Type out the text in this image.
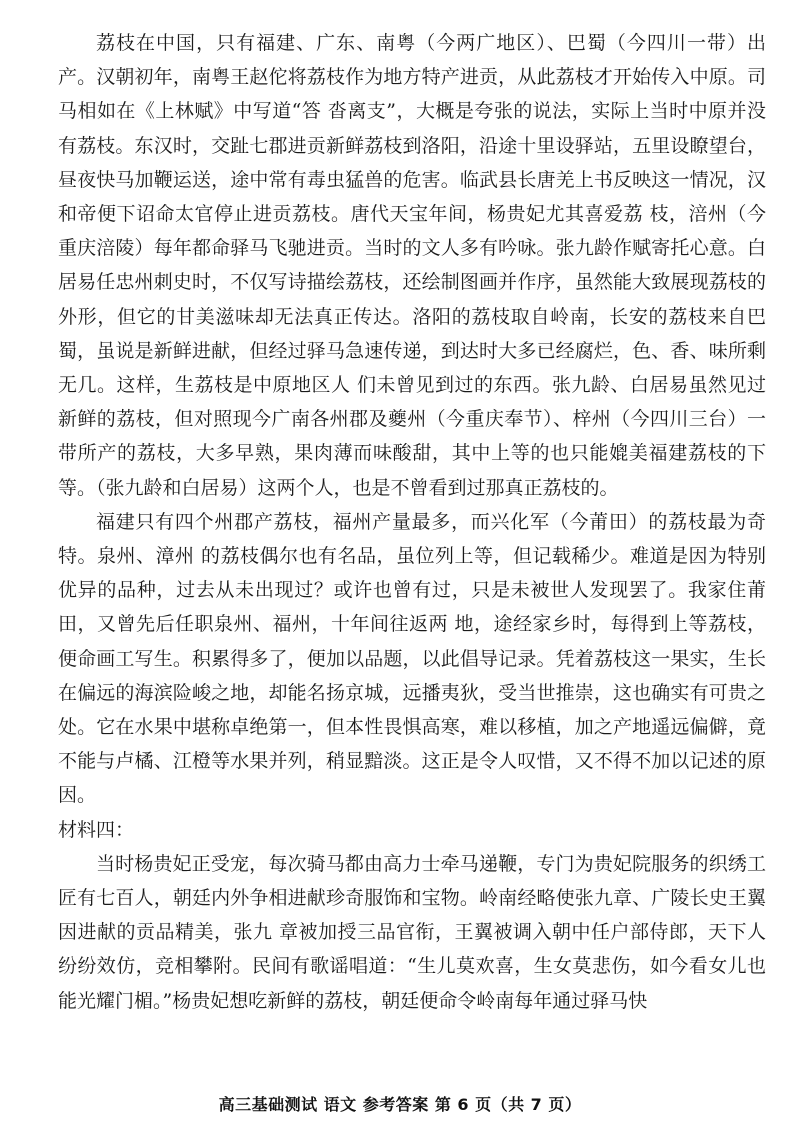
荔枝在中国，只有福建、广东、南粤（今两广地区）、巴蜀（今四川一带）出产。汉朝初年，南粤王赵佗将荔枝作为地方特产进贡，从此荔枝才开始传入中原。司马相如在《上林赋》中写道“答 沓离支”，大概是夸张的说法，实际上当时中原并没有荔枝。东汉时，交趾七郡进贡新鲜荔枝到洛阳，沿途十里设驿站，五里设瞭望台，昼夜快马加鞭运送，途中常有毒虫猛兽的危害。临武县长唐羌上书反映这一情况，汉和帝便下诏命太官停止进贡荔枝。唐代天宝年间，杨贵妃尤其喜爱荔 枝，涪州（今重庆涪陵）每年都命驿马飞驰进贡。当时的文人多有吟咏。张九龄作赋寄托心意。白居易任忠州刺史时，不仅写诗描绘荔枝，还绘制图画并作序，虽然能大致展现荔枝的外形，但它的甘美滋味却无法真正传达。洛阳的荔枝取自岭南，长安的荔枝来自巴蜀，虽说是新鲜进献，但经过驿马急速传递，到达时大多已经腐烂，色、香、味所剩无几。这样，生荔枝是中原地区人 们未曾见到过的东西。张九龄、白居易虽然见过新鲜的荔枝，但对照现今广南各州郡及夔州（今重庆奉节）、梓州（今四川三台）一带所产的荔枝，大多早熟，果肉薄而味酸甜，其中上等的也只能媲美福建荔枝的下等。（张九龄和白居易）这两个人，也是不曾看到过那真正荔枝的。

福建只有四个州郡产荔枝，福州产量最多，而兴化军（今莆田）的荔枝最为奇特。泉州、漳州 的荔枝偶尔也有名品，虽位列上等，但记载稀少。难道是因为特别优异的品种，过去从未出现过？或许也曾有过，只是未被世人发现罢了。我家住莆田，又曾先后任职泉州、福州，十年间往返两 地，途经家乡时，每得到上等荔枝，便命画工写生。积累得多了，便加以品题，以此倡导记录。凭着荔枝这一果实，生长在偏远的海滨险峻之地，却能名扬京城，远播夷狄，受当世推崇，这也确实有可贵之处。它在水果中堪称卓绝第一，但本性畏惧高寒，难以移植，加之产地遥远偏僻，竟不能与卢橘、江橙等水果并列，稍显黯淡。这正是令人叹惜，又不得不加以记述的原因。

材料四：

当时杨贵妃正受宠，每次骑马都由高力士牵马递鞭，专门为贵妃院服务的织绣工匠有七百人，朝廷内外争相进献珍奇服饰和宝物。岭南经略使张九章、广陵长史王翼因进献的贡品精美，张九 章被加授三品官衔，王翼被调入朝中任户部侍郎，天下人纷纷效仿，竞相攀附。民间有歌谣唱道：“生儿莫欢喜，生女莫悲伤，如今看女儿也能光耀门楣。”杨贵妃想吃新鲜的荔枝，朝廷便命令岭南每年通过驿马快

高三基础测试 语文 参考答案 第 6 页（共 7 页）
